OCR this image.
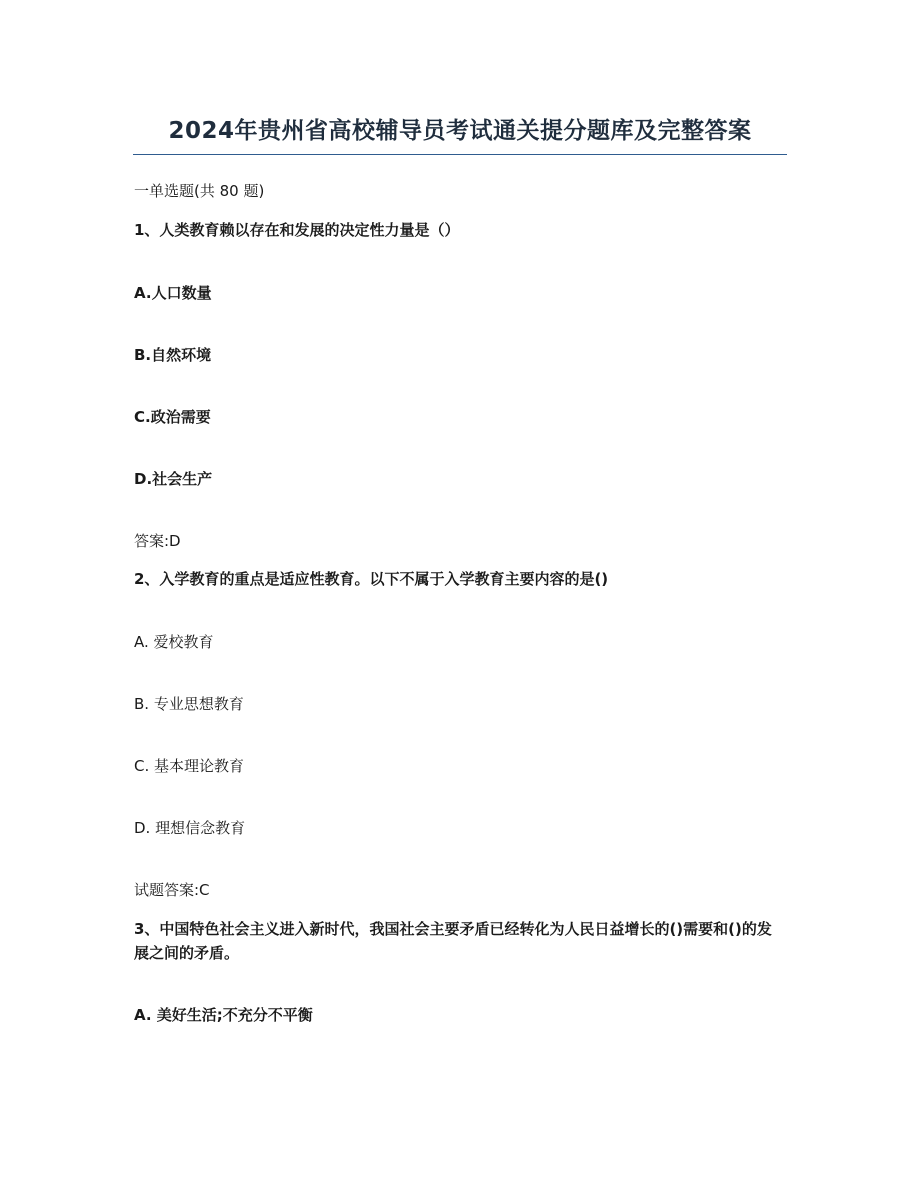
2024年贵州省高校辅导员考试通关提分题库及完整答案

一单选题(共 80 题)

1、人类教育赖以存在和发展的决定性力量是（）

A.人口数量

B.自然环境

C.政治需要

D.社会生产

答案:D

2、入学教育的重点是适应性教育。以下不属于入学教育主要内容的是()

A. 爱校教育

B. 专业思想教育

C. 基本理论教育

D. 理想信念教育

试题答案:C

3、中国特色社会主义进入新时代，我国社会主要矛盾已经转化为人民日益增长的()需要和()的发展之间的矛盾。

A. 美好生活;不充分不平衡
